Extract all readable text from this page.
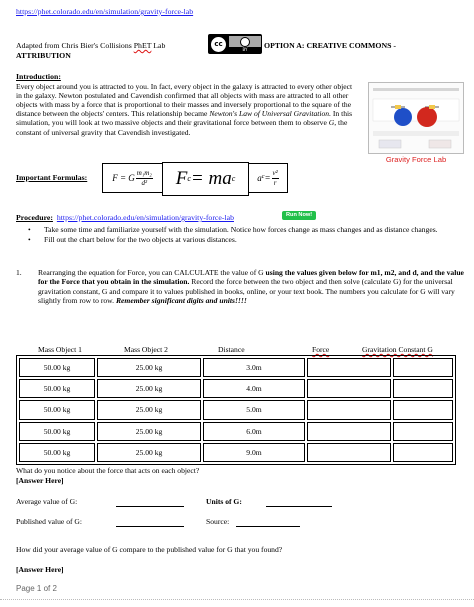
https://phet.colorado.edu/en/simulation/gravity-force-lab
Adapted from Chris Bier's Collisions PhET Lab	cc
BY	OPTION A: CREATIVE COMMONS -
ATTRIBUTION
Introduction:
Every object around you is attracted to you. In fact, every object in the galaxy is attracted to every other object in the galaxy. Newton postulated and Cavendish confirmed that all objects with mass are attracted to all other objects with mass by a force that is proportional to their masses and inversely proportional to the square of the distance between the objects' centers. This relationship became Newton's Law of Universal Gravitation. In this simulation, you will look at two massive objects and their gravitational force between them to observe G, the constant of universal gravity that Cavendish investigated.
Gravity Force Lab
Important Formulas:	F = G $\frac{\text{m₁m₂}}{\text{d²}}$ F c = ma c a $c = \frac{\text{v²}}{r}$
Procedure: https://phet.colorado.edu/en/simulation/gravity-force-lab	Run Now!
• Take some time and familiarize yourself with the simulation. Notice how forces change as mass changes and as distance changes.
• Fill out the chart below for the two objects at various distances.
1. Rearranging the equation for Force, you can CALCULATE the value of G using the values given below for m1, m2, and d, and the value for the Force that you obtain in the simulation. Record the force between the two object and then solve (calculate G) for the universal gravitation constant, G and compare it to values published in books, online, or your text book. The numbers you calculate for G will vary slightly from row to row. Remember significant digits and units!!!!
Mass Object 1	Mass Object 2	Distance	Force	Gravitation Constant G
50.00 kg	25.00 kg	3.0m
50.00 kg	25.00 kg	4.0m
50.00 kg	25.00 kg	5.0m
50.00 kg	25.00 kg	6.0m
50.00 kg	25.00 kg	9.0m
What do you notice about the force that acts on each object?
[Answer Here]
Average value of G:	Units of G:
Published value of G:	Source:
How did your average value of G compare to the published value for G that you found?
[Answer Here]
Page 1 of 2
